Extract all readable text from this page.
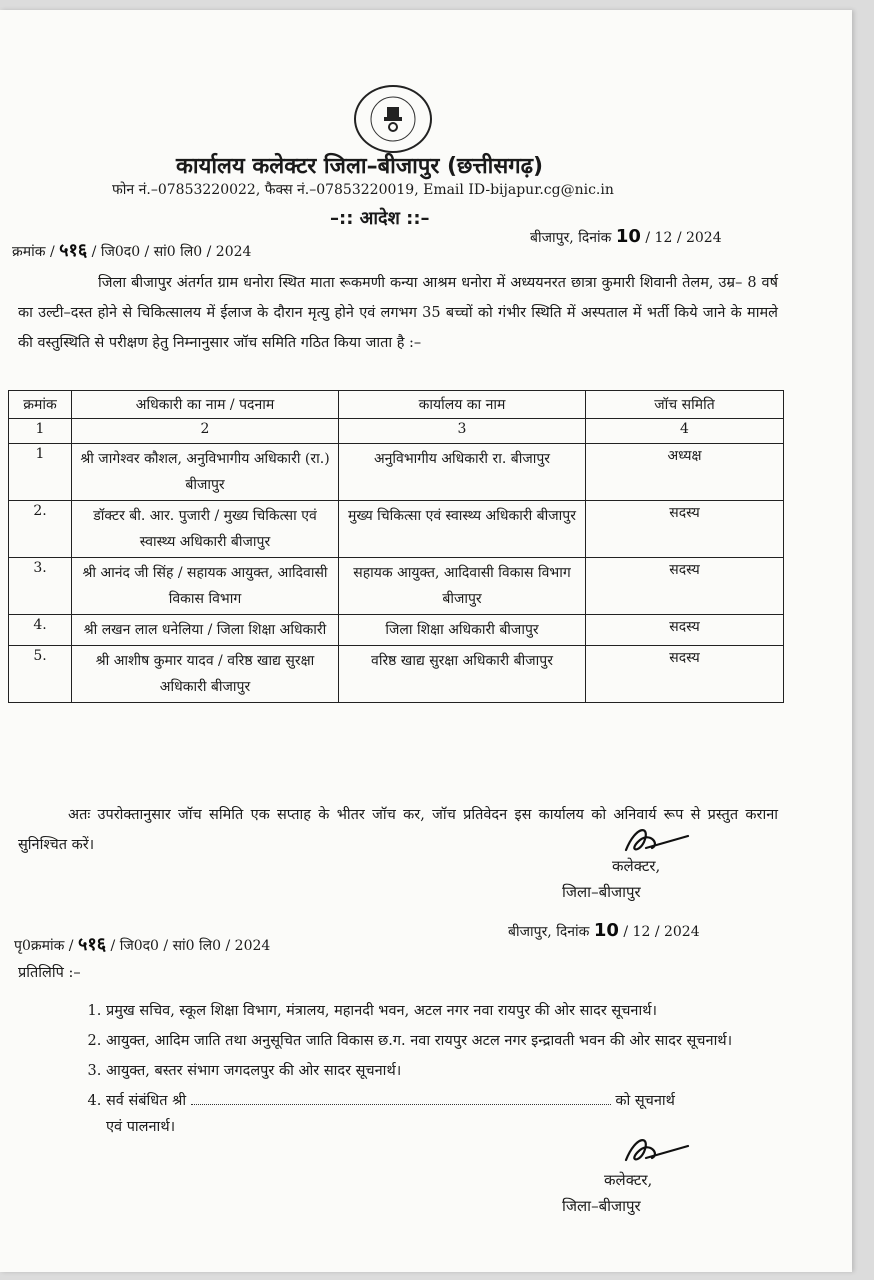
कार्यालय कलेक्टर जिला–बीजापुर (छत्तीसगढ़)
फोन नं.–07853220022, फैक्स नं.–07853220019, Email ID-bijapur.cg@nic.in
–:: आदेश ::–
क्रमांक / ५१६ / जि0द0 / सां0 लि0 / 2024
बीजापुर, दिनांक 10 / 12 / 2024

जिला बीजापुर अंतर्गत ग्राम धनोरा स्थित माता रूकमणी कन्या आश्रम धनोरा में अध्ययनरत छात्रा कुमारी शिवानी तेलम, उम्र– 8 वर्ष का उल्टी–दस्त होने से चिकित्सालय में ईलाज के दौरान मृत्यु होने एवं लगभग 35 बच्चों को गंभीर स्थिति में अस्पताल में भर्ती किये जाने के मामले की वस्तुस्थिति से परीक्षण हेतु निम्नानुसार जॉच समिति गठित किया जाता है :–

क्रमांक	अधिकारी का नाम / पदनाम	कार्यालय का नाम	जॉच समिति
1	2	3	4
1	श्री जागेश्वर कौशल, अनुविभागीय अधिकारी (रा.) बीजापुर	अनुविभागीय अधिकारी रा. बीजापुर	अध्यक्ष
2.	डॉक्टर बी. आर. पुजारी / मुख्य चिकित्सा एवं स्वास्थ्य अधिकारी बीजापुर	मुख्य चिकित्सा एवं स्वास्थ्य अधिकारी बीजापुर	सदस्य
3.	श्री आनंद जी सिंह / सहायक आयुक्त, आदिवासी विकास विभाग	सहायक आयुक्त, आदिवासी विकास विभाग बीजापुर	सदस्य
4.	श्री लखन लाल धनेलिया / जिला शिक्षा अधिकारी	जिला शिक्षा अधिकारी बीजापुर	सदस्य
5.	श्री आशीष कुमार यादव / वरिष्ठ खाद्य सुरक्षा अधिकारी बीजापुर	वरिष्ठ खाद्य सुरक्षा अधिकारी बीजापुर	सदस्य

अतः उपरोक्तानुसार जॉच समिति एक सप्ताह के भीतर जॉच कर, जॉच प्रतिवेदन इस कार्यालय को अनिवार्य रूप से प्रस्तुत कराना सुनिश्चित करें।

कलेक्टर,
जिला–बीजापुर
पृ0क्रमांक / ५१६ / जि0द0 / सां0 लि0 / 2024
बीजापुर, दिनांक 10 / 12 / 2024
प्रतिलिपि :–
1. प्रमुख सचिव, स्कूल शिक्षा विभाग, मंत्रालय, महानदी भवन, अटल नगर नवा रायपुर की ओर सादर सूचनार्थ।
2. आयुक्त, आदिम जाति तथा अनुसूचित जाति विकास छ.ग. नवा रायपुर अटल नगर इन्द्रावती भवन की ओर सादर सूचनार्थ।
3. आयुक्त, बस्तर संभाग जगदलपुर की ओर सादर सूचनार्थ।
4. सर्व संबंधित श्री	को सूचनार्थ
एवं पालनार्थ।
कलेक्टर,
जिला–बीजापुर
